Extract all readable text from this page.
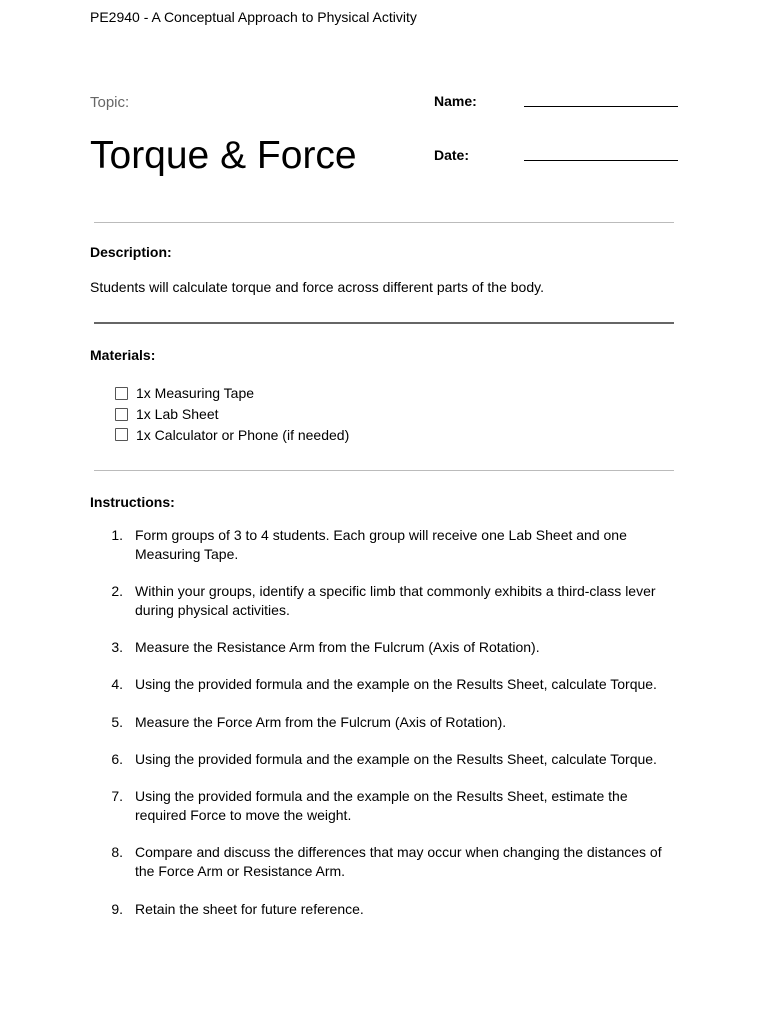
PE2940 - A Conceptual Approach to Physical Activity
Topic:
Torque & Force
Name:
Date:
Description:
Students will calculate torque and force across different parts of the body.
Materials:
1x Measuring Tape
1x Lab Sheet
1x Calculator or Phone (if needed)
Instructions:
1. Form groups of 3 to 4 students. Each group will receive one Lab Sheet and one Measuring Tape.
2. Within your groups, identify a specific limb that commonly exhibits a third-class lever during physical activities.
3. Measure the Resistance Arm from the Fulcrum (Axis of Rotation).
4. Using the provided formula and the example on the Results Sheet, calculate Torque.
5. Measure the Force Arm from the Fulcrum (Axis of Rotation).
6. Using the provided formula and the example on the Results Sheet, calculate Torque.
7. Using the provided formula and the example on the Results Sheet, estimate the required Force to move the weight.
8. Compare and discuss the differences that may occur when changing the distances of the Force Arm or Resistance Arm.
9. Retain the sheet for future reference.
